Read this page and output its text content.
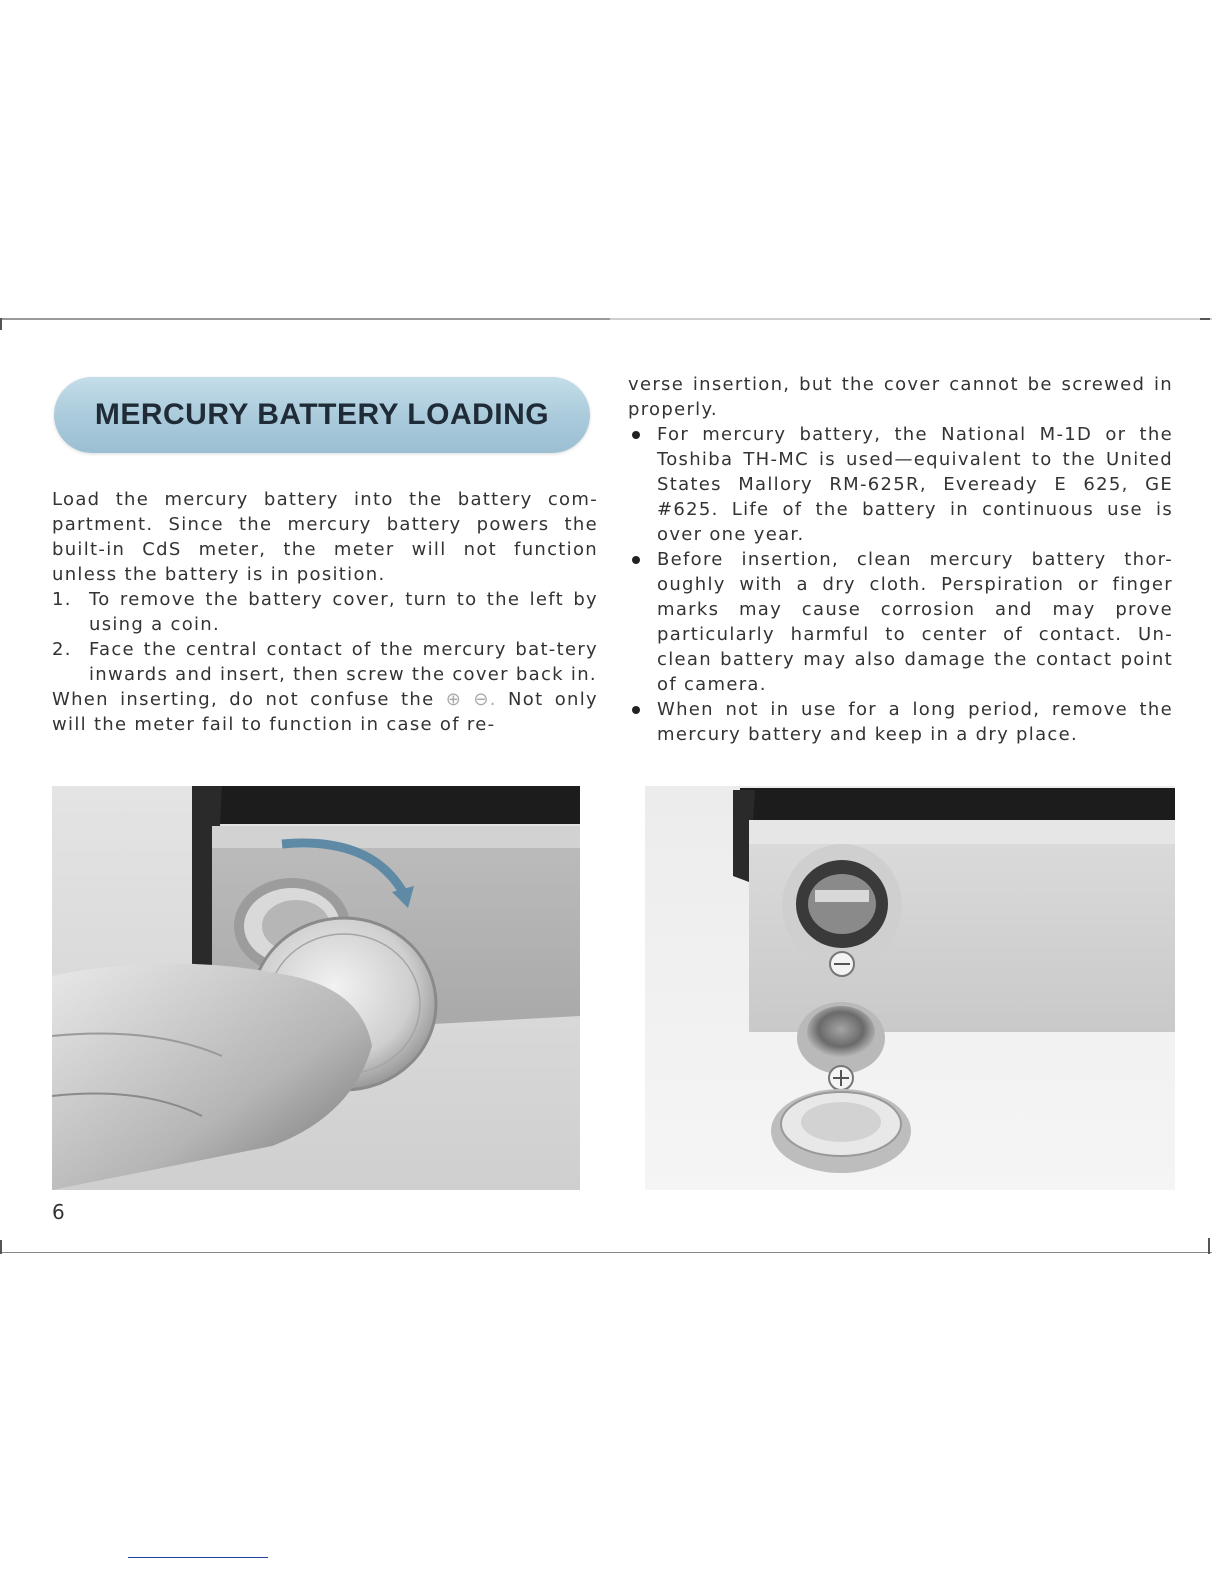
MERCURY BATTERY LOADING

Load the mercury battery into the battery com-partment. Since the mercury battery powers the built-in CdS meter, the meter will not function unless the battery is in position.

1. To remove the battery cover, turn to the left by using a coin.
2. Face the central contact of the mercury bat-tery inwards and insert, then screw the cover back in.

When inserting, do not confuse the ⊕ ⊖. Not only will the meter fail to function in case of re-

verse insertion, but the cover cannot be screwed in properly.

For mercury battery, the National M-1D or the Toshiba TH-MC is used—equivalent to the United States Mallory RM-625R, Eveready E 625, GE #625. Life of the battery in continuous use is over one year.
Before insertion, clean mercury battery thor-oughly with a dry cloth. Perspiration or finger marks may cause corrosion and may prove particularly harmful to center of contact. Un-clean battery may also damage the contact point of camera.
When not in use for a long period, remove the mercury battery and keep in a dry place.
6
